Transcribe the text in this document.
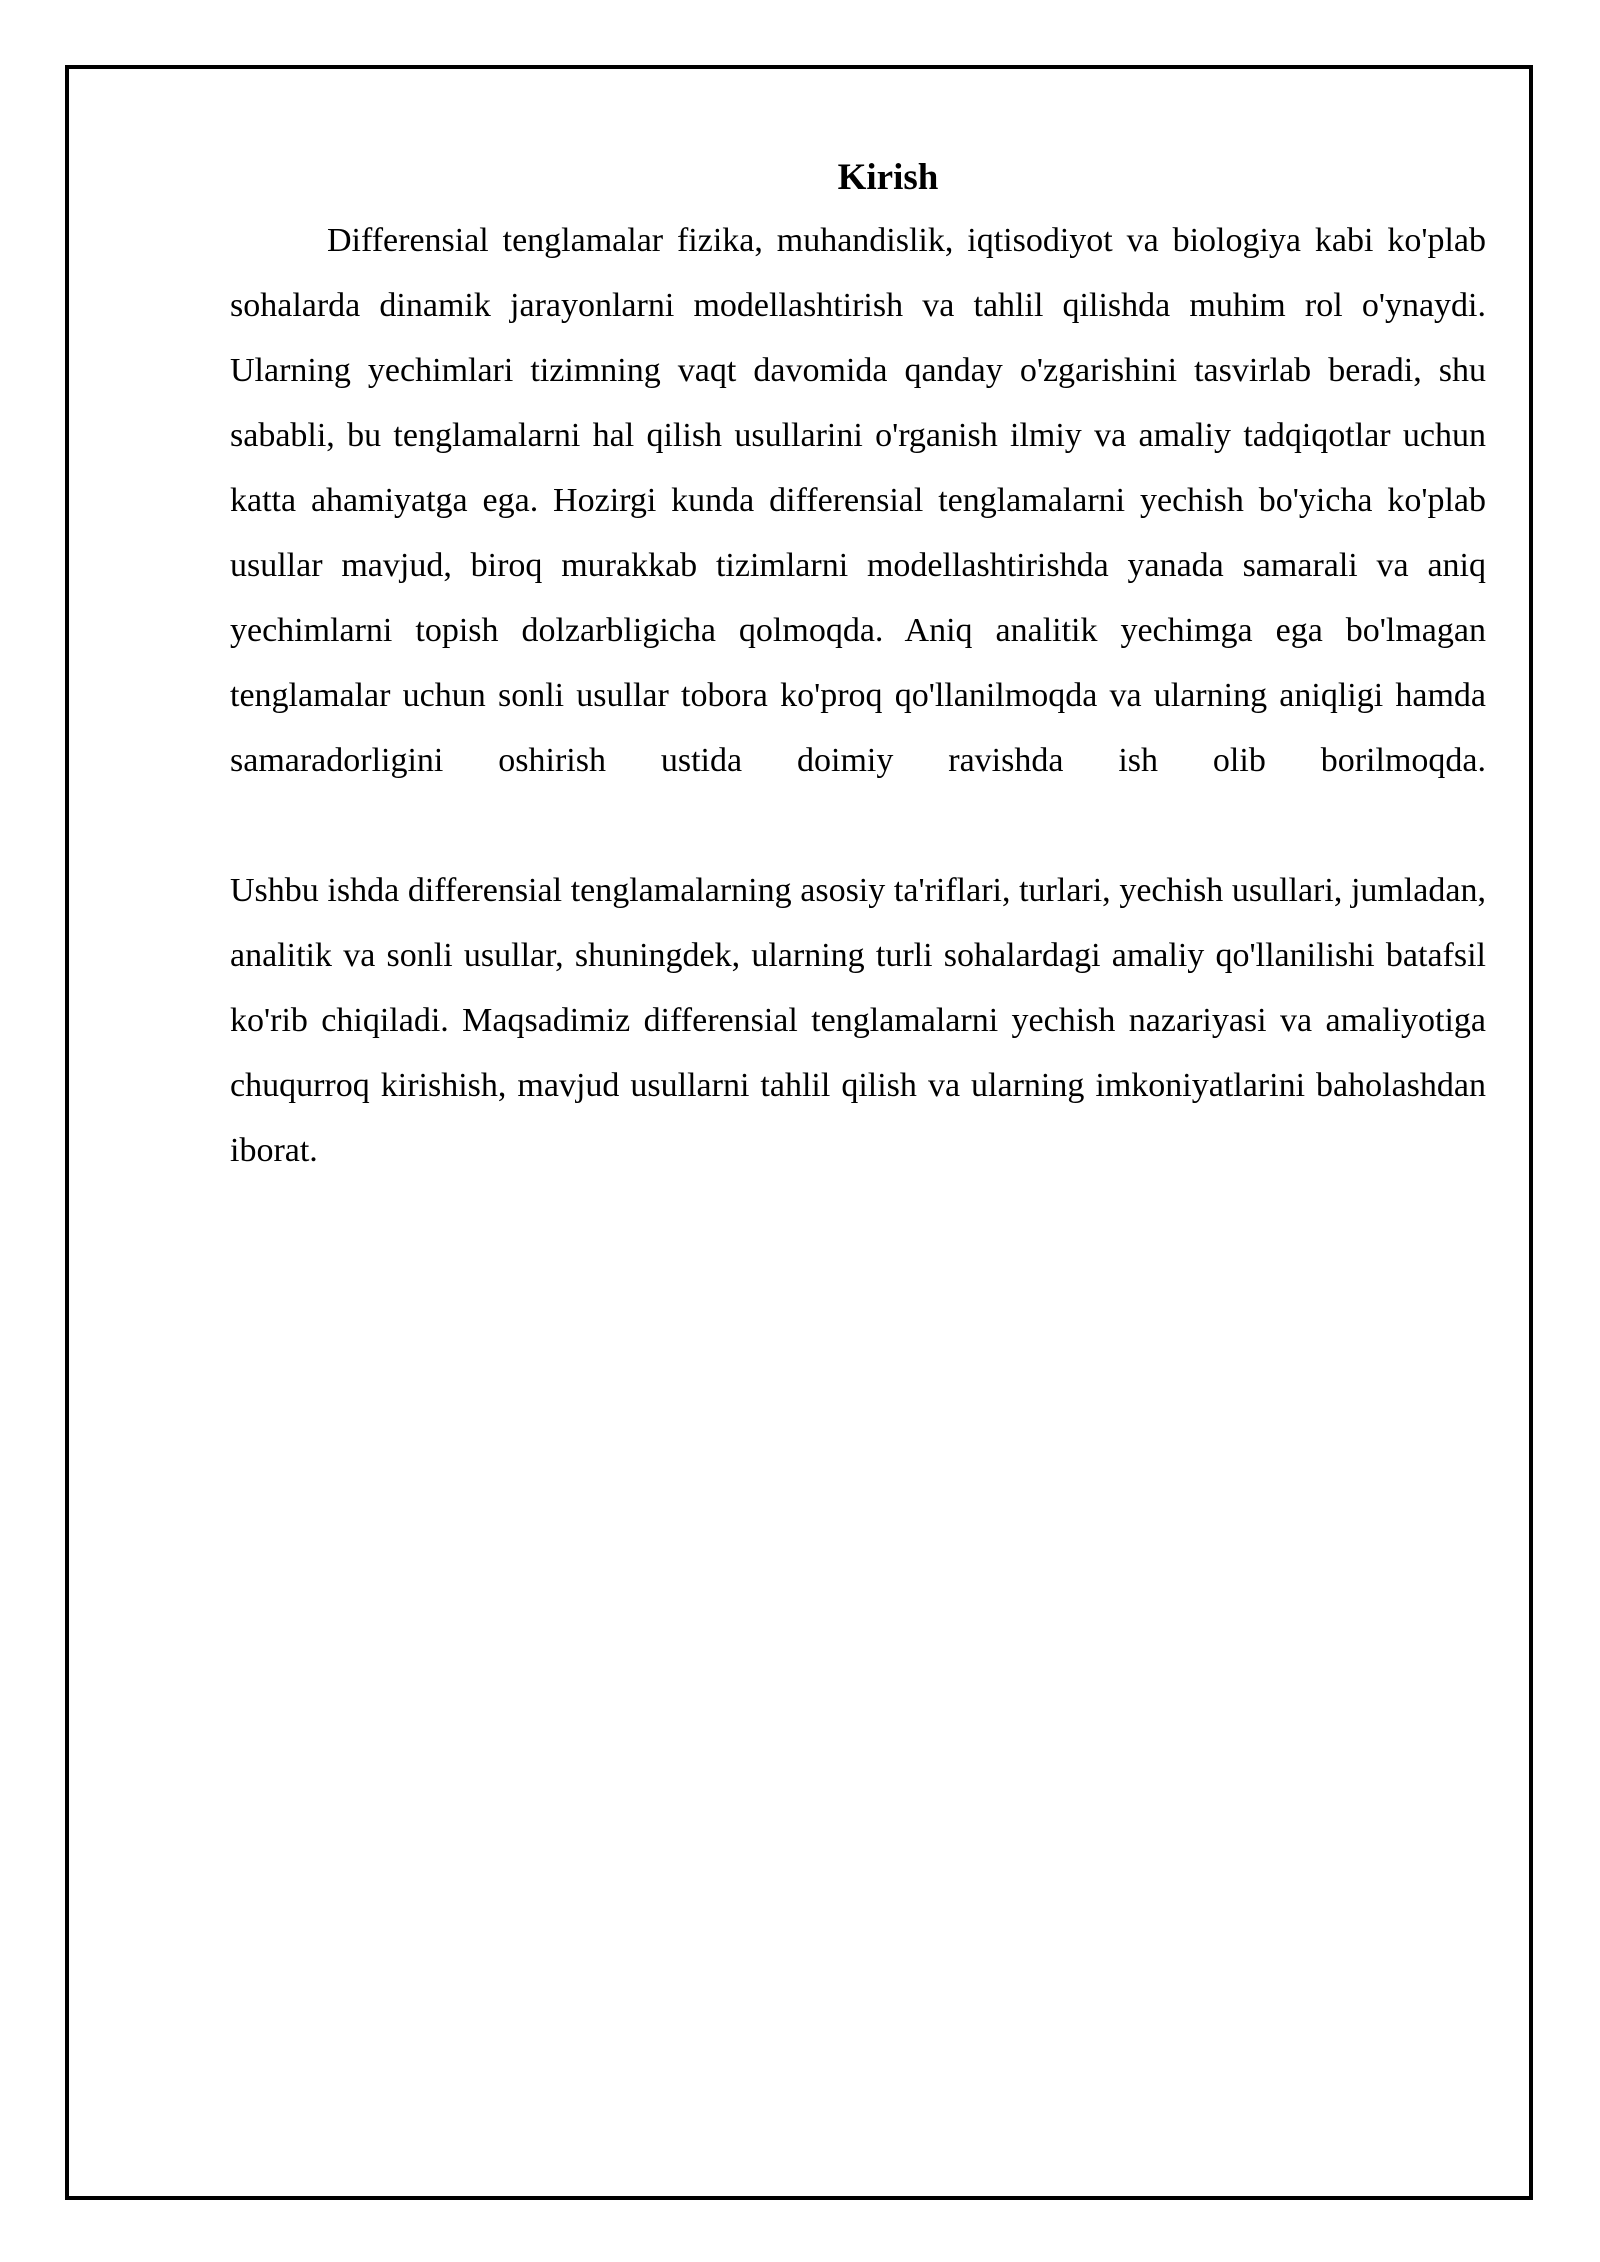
Kirish

Differensial tenglamalar fizika, muhandislik, iqtisodiyot va biologiya kabi ko'plab sohalarda dinamik jarayonlarni modellashtirish va tahlil qilishda muhim rol o'ynaydi. Ularning yechimlari tizimning vaqt davomida qanday o'zgarishini tasvirlab beradi, shu sababli, bu tenglamalarni hal qilish usullarini o'rganish ilmiy va amaliy tadqiqotlar uchun katta ahamiyatga ega. Hozirgi kunda differensial tenglamalarni yechish bo'yicha ko'plab usullar mavjud, biroq murakkab tizimlarni modellashtirishda yanada samarali va aniq yechimlarni topish dolzarbligicha qolmoqda. Aniq analitik yechimga ega bo'lmagan tenglamalar uchun sonli usullar tobora ko'proq qo'llanilmoqda va ularning aniqligi hamda samaradorligini oshirish ustida doimiy ravishda ish olib borilmoqda.

Ushbu ishda differensial tenglamalarning asosiy ta'riflari, turlari, yechish usullari, jumladan, analitik va sonli usullar, shuningdek, ularning turli sohalardagi amaliy qo'llanilishi batafsil ko'rib chiqiladi. Maqsadimiz differensial tenglamalarni yechish nazariyasi va amaliyotiga chuqurroq kirishish, mavjud usullarni tahlil qilish va ularning imkoniyatlarini baholashdan iborat.
